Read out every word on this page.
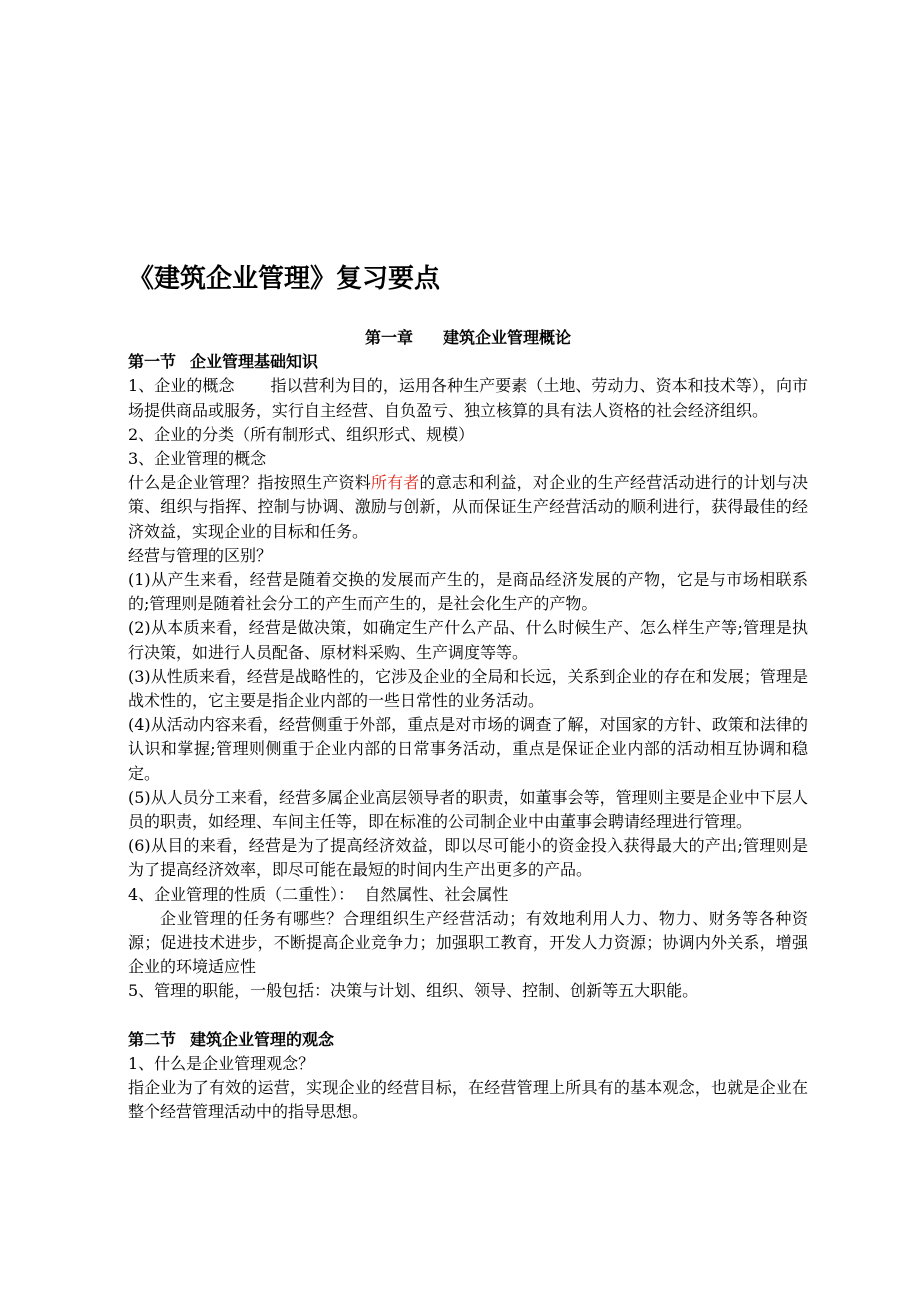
《建筑企业管理》复习要点
第一章 建筑企业管理概论
第一节 企业管理基础知识

1、企业的概念 指以营利为目的，运用各种生产要素（土地、劳动力、资本和技术等），向市场提供商品或服务，实行自主经营、自负盈亏、独立核算的具有法人资格的社会经济组织。

2、企业的分类（所有制形式、组织形式、规模）

3、企业管理的概念

什么是企业管理？指按照生产资料所有者的意志和利益，对企业的生产经营活动进行的计划与决策、组织与指挥、控制与协调、激励与创新，从而保证生产经营活动的顺利进行，获得最佳的经济效益，实现企业的目标和任务。

经营与管理的区别？

(1)从产生来看，经营是随着交换的发展而产生的，是商品经济发展的产物，它是与市场相联系的;管理则是随着社会分工的产生而产生的，是社会化生产的产物。

(2)从本质来看，经营是做决策，如确定生产什么产品、什么时候生产、怎么样生产等;管理是执行决策，如进行人员配备、原材料采购、生产调度等等。

(3)从性质来看，经营是战略性的，它涉及企业的全局和长远，关系到企业的存在和发展；管理是战术性的，它主要是指企业内部的一些日常性的业务活动。

(4)从活动内容来看，经营侧重于外部，重点是对市场的调查了解，对国家的方针、政策和法律的认识和掌握;管理则侧重于企业内部的日常事务活动，重点是保证企业内部的活动相互协调和稳定。

(5)从人员分工来看，经营多属企业高层领导者的职责，如董事会等，管理则主要是企业中下层人员的职责，如经理、车间主任等，即在标准的公司制企业中由董事会聘请经理进行管理。

(6)从目的来看，经营是为了提高经济效益，即以尽可能小的资金投入获得最大的产出;管理则是为了提高经济效率，即尽可能在最短的时间内生产出更多的产品。

4、企业管理的性质（二重性）：  自然属性、社会属性

企业管理的任务有哪些？合理组织生产经营活动；有效地利用人力、物力、财务等各种资源；促进技术进步，不断提高企业竞争力；加强职工教育，开发人力资源；协调内外关系，增强企业的环境适应性

5、管理的职能，一般包括：决策与计划、组织、领导、控制、创新等五大职能。

第二节 建筑企业管理的观念

1、什么是企业管理观念？

指企业为了有效的运营，实现企业的经营目标，在经营管理上所具有的基本观念，也就是企业在整个经营管理活动中的指导思想。
